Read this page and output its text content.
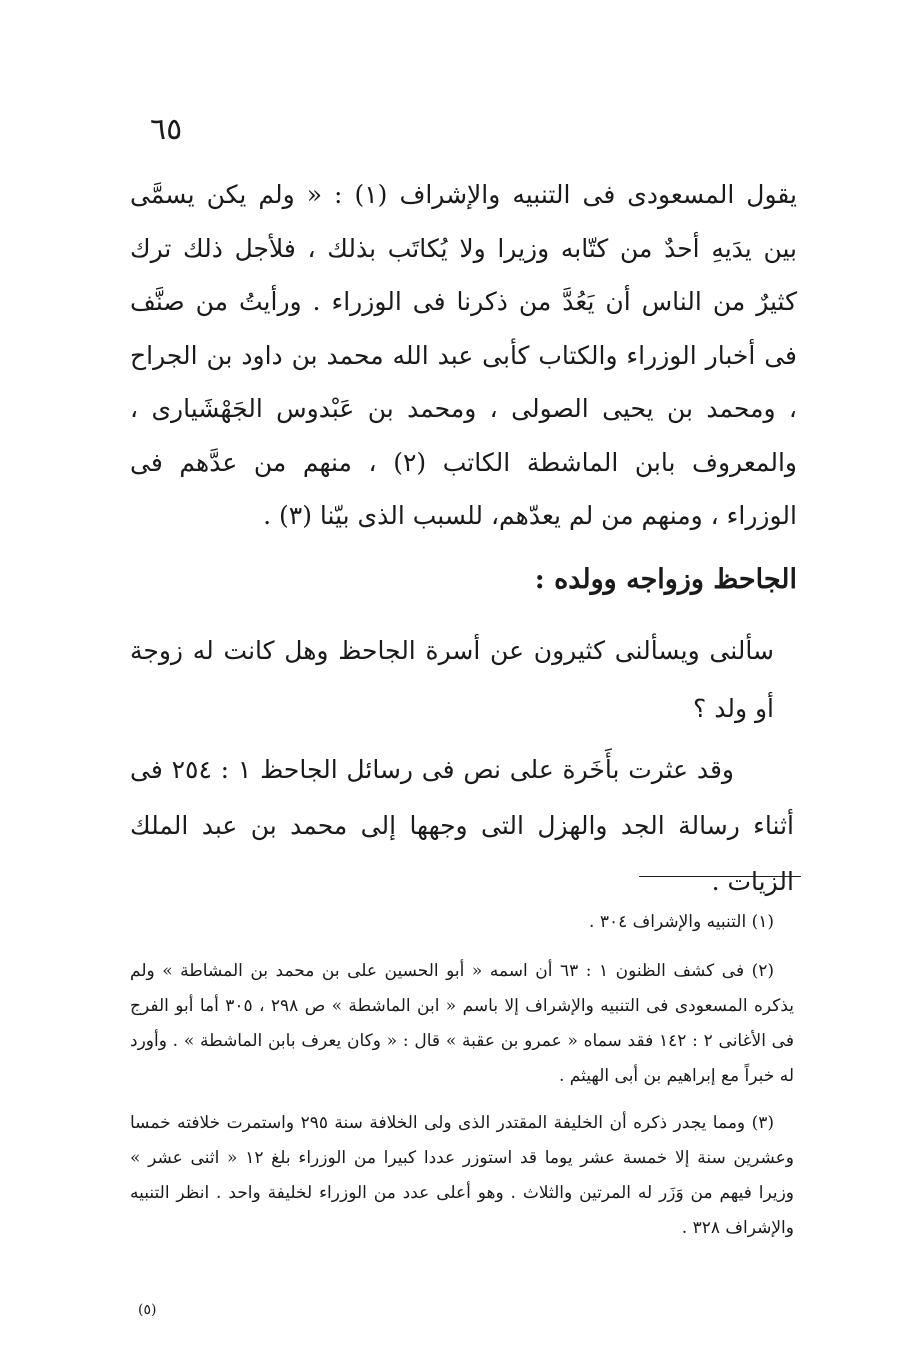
٦٥

يقول المسعودى فى التنبيه والإشراف (١) : « ولم يكن يسمَّى بين يدَيهِ أحدٌ من كتّابه وزيرا ولا يُكاتَب بذلك ، فلأجل ذلك ترك كثيرٌ من الناس أن يَعُدَّ من ذكرنا فى الوزراء . ورأيتُ من صنَّف فى أخبار الوزراء والكتاب كأبى عبد الله محمد بن داود بن الجراح ، ومحمد بن يحيى الصولى ، ومحمد بن عَبْدوس الجَهْشَيارى ، والمعروف بابن الماشطة الكاتب (٢) ، منهم من عدَّهم فى الوزراء ، ومنهم من لم يعدّهم، للسبب الذى بيّنا (٣) .

الجاحظ وزواجه وولده :

سألنى ويسألنى كثيرون عن أسرة الجاحظ وهل كانت له زوجة أو ولد ؟

وقد عثرت بأَخَرة على نص فى رسائل الجاحظ ١ : ٢٥٤ فى أثناء رسالة الجد والهزل التى وجهها إلى محمد بن عبد الملك الزيات .

(١) التنبيه والإشراف ٣٠٤ .

(٢) فى كشف الظنون ١ : ٦٣ أن اسمه « أبو الحسين على بن محمد بن المشاطة » ولم يذكره المسعودى فى التنبيه والإشراف إلا باسم « ابن الماشطة » ص ٢٩٨ ، ٣٠٥ أما أبو الفرج فى الأغانى ٢ : ١٤٢ فقد سماه « عمرو بن عقبة » قال : « وكان يعرف بابن الماشطة » . وأورد له خبراً مع إبراهيم بن أبى الهيثم .

(٣) ومما يجدر ذكره أن الخليفة المقتدر الذى ولى الخلافة سنة ٢٩٥ واستمرت خلافته خمسا وعشرين سنة إلا خمسة عشر يوما قد استوزر عددا كبيرا من الوزراء بلغ ١٢ « اثنى عشر » وزيرا فيهم من وَزَر له المرتين والثلاث . وهو أعلى عدد من الوزراء لخليفة واحد . انظر التنبيه والإشراف ٣٢٨ .

(٥)
